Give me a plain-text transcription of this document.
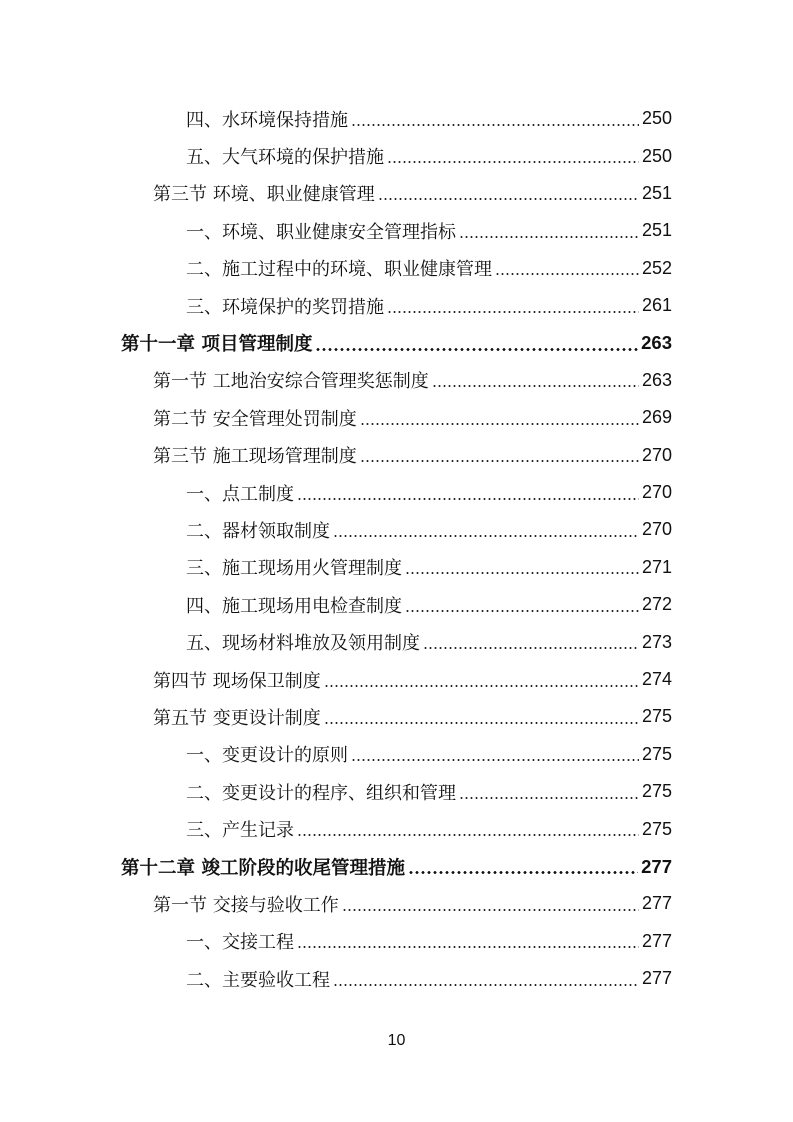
四、水环境保持措施	250
五、大气环境的保护措施	250
第三节 环境、职业健康管理	251
一、环境、职业健康安全管理指标	251
二、施工过程中的环境、职业健康管理	252
三、环境保护的奖罚措施	261
第十一章 项目管理制度	263
第一节 工地治安综合管理奖惩制度	263
第二节 安全管理处罚制度	269
第三节 施工现场管理制度	270
一、点工制度	270
二、器材领取制度	270
三、施工现场用火管理制度	271
四、施工现场用电检查制度	272
五、现场材料堆放及领用制度	273
第四节 现场保卫制度	274
第五节 变更设计制度	275
一、变更设计的原则	275
二、变更设计的程序、组织和管理	275
三、产生记录	275
第十二章 竣工阶段的收尾管理措施	277
第一节 交接与验收工作	277
一、交接工程	277
二、主要验收工程	277
10
